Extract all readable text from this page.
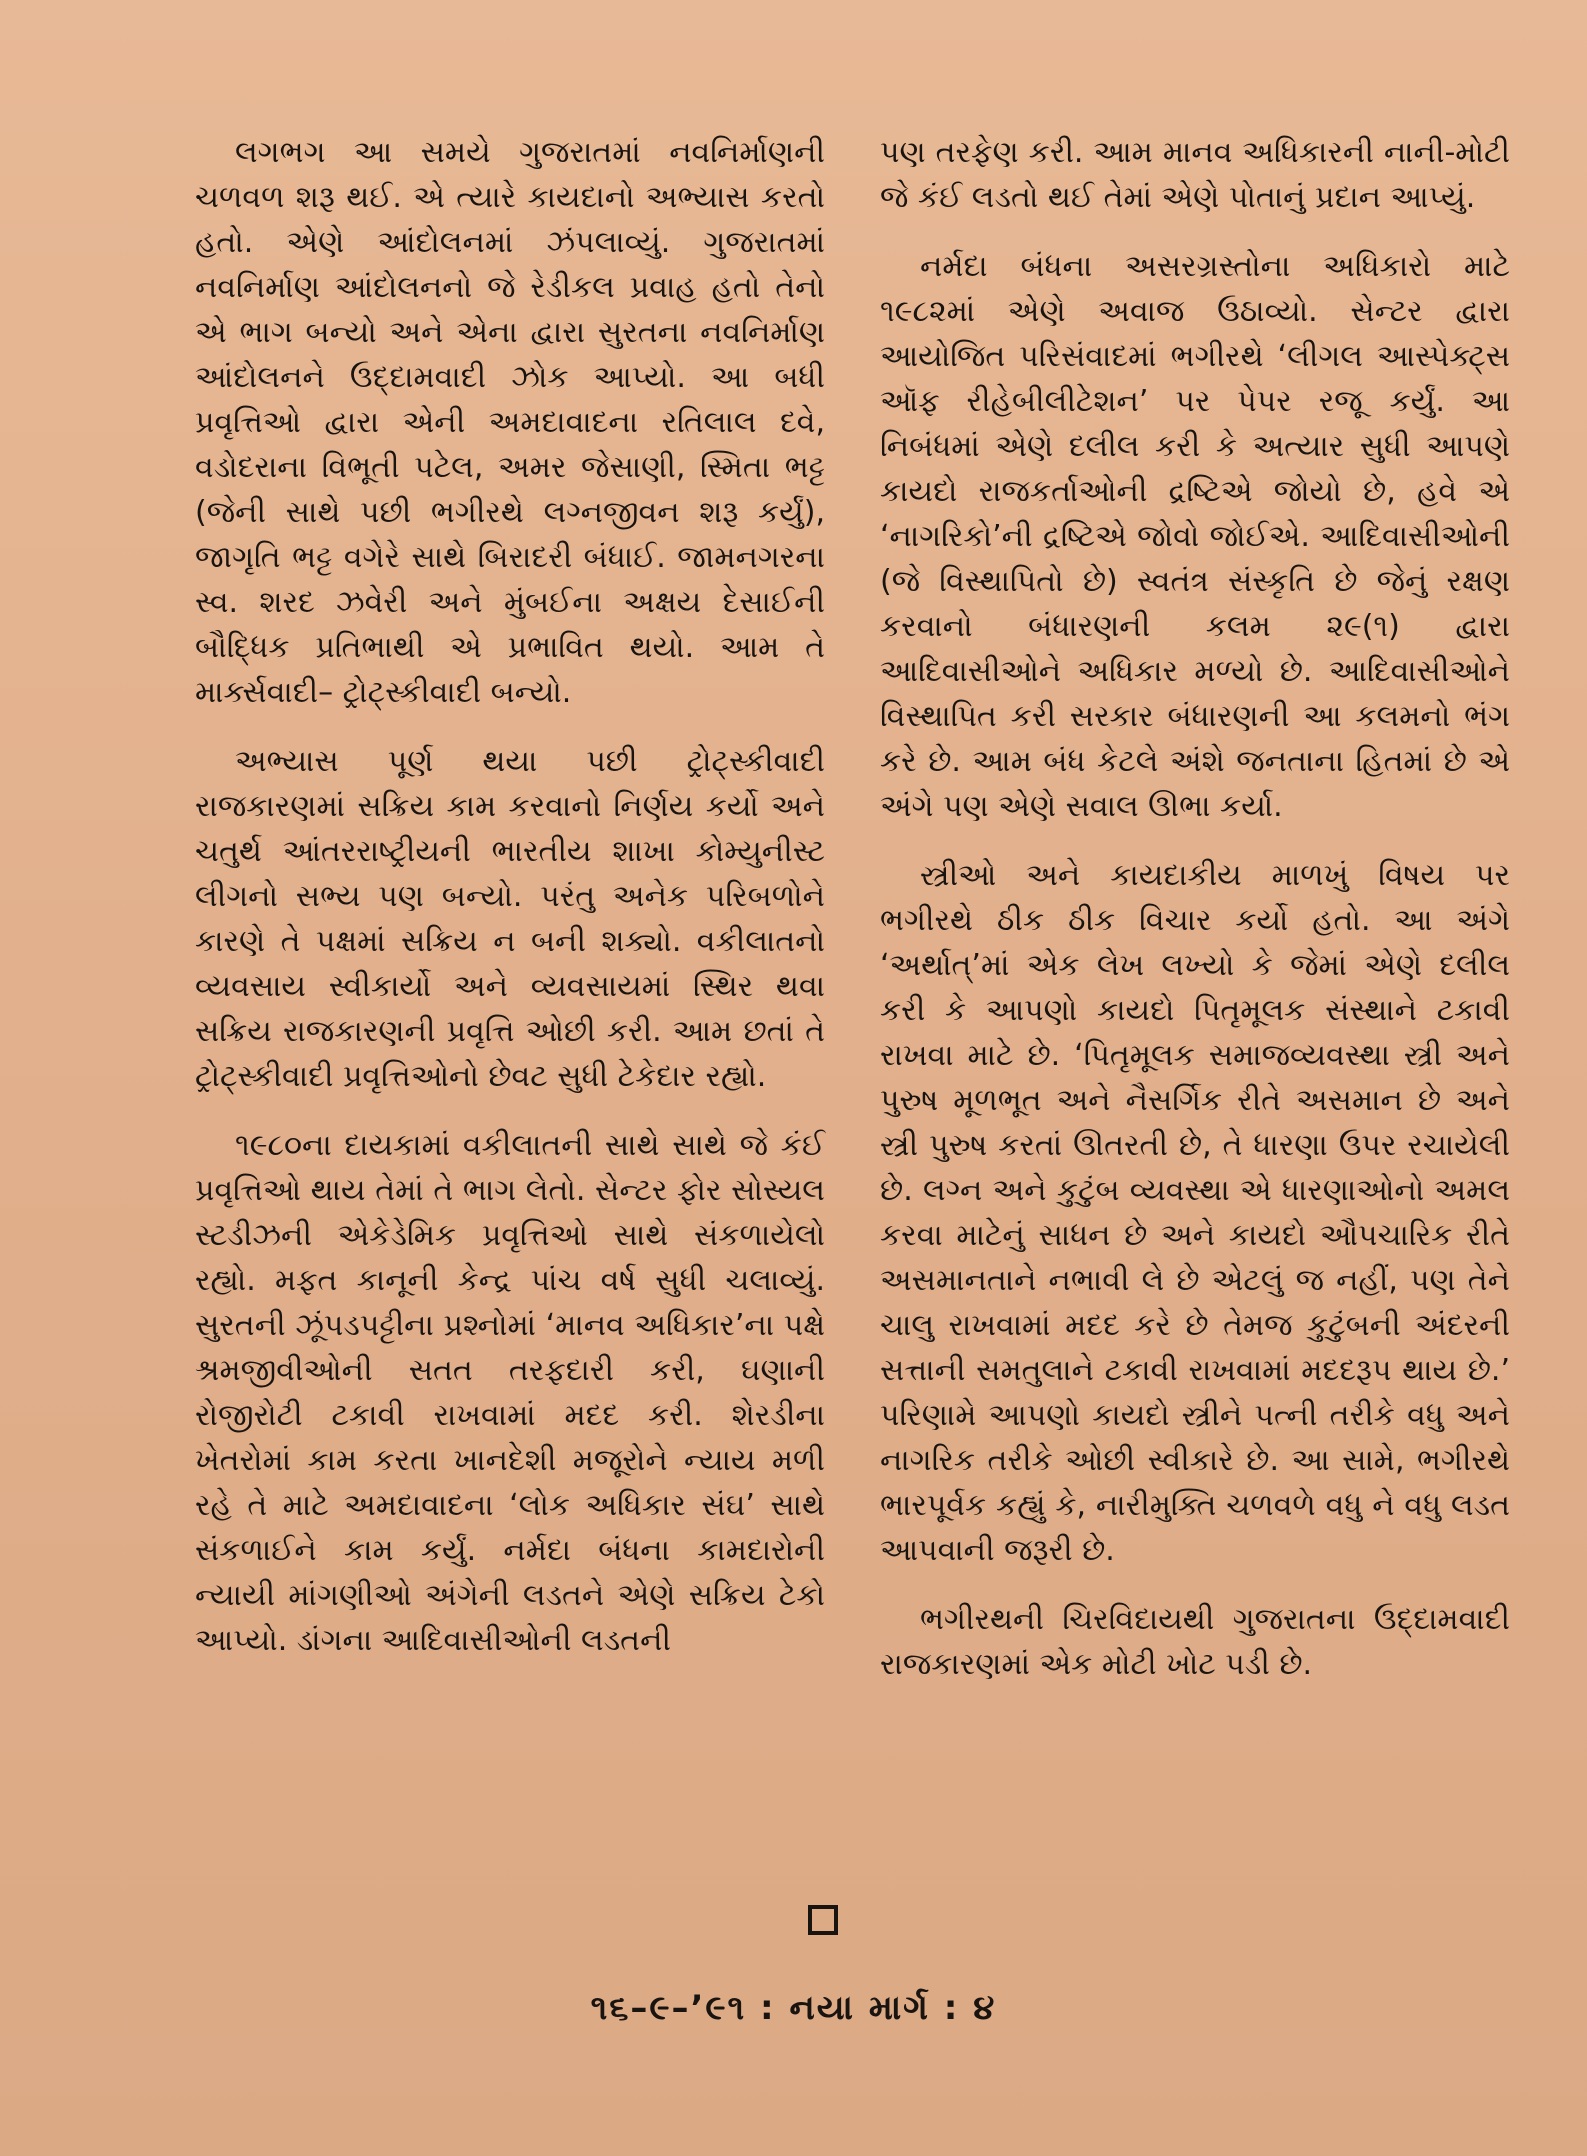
લગભગ આ સમયે ગુજરાતમાં નવનિર્માણની ચળવળ શરૂ થઈ. એ ત્યારે કાયદાનો અભ્યાસ કરતો હતો. એણે આંદોલનમાં ઝંપલાવ્યું. ગુજરાતમાં નવનિર્માણ આંદોલનનો જે રેડીકલ પ્રવાહ હતો તેનો એ ભાગ બન્યો અને એના દ્વારા સુરતના નવનિર્માણ આંદોલનને ઉદ્દામવાદી ઝોક આપ્યો. આ બધી પ્રવૃત્તિઓ દ્વારા એની અમદાવાદના રતિલાલ દવે, વડોદરાના વિભૂતી પટેલ, અમર જેસાણી, સ્મિતા ભટ્ટ (જેની સાથે પછી ભગીરથે લગ્નજીવન શરૂ કર્યું), જાગૃતિ ભટ્ટ વગેરે સાથે બિરાદરી બંધાઈ. જામનગરના સ્વ. શરદ ઝવેરી અને મુંબઈના અક્ષય દેસાઈની બૌદ્ધિક પ્રતિભાથી એ પ્રભાવિત થયો. આમ તે માર્ક્સવાદી– ટ્રોટ્સ્કીવાદી બન્યો.

અભ્યાસ પૂર્ણ થયા પછી ટ્રોટ્સ્કીવાદી રાજકારણમાં સક્રિય કામ કરવાનો નિર્ણય કર્યો અને ચતુર્થ આંતરરાષ્ટ્રીયની ભારતીય શાખા કોમ્યુનીસ્ટ લીગનો સભ્ય પણ બન્યો. પરંતુ અનેક પરિબળોને કારણે તે પક્ષમાં સક્રિય ન બની શક્યો. વકીલાતનો વ્યવસાય સ્વીકાર્યો અને વ્યવસાયમાં સ્થિર થવા સક્રિય રાજકારણની પ્રવૃત્તિ ઓછી કરી. આમ છતાં તે ટ્રોટ્સ્કીવાદી પ્રવૃત્તિઓનો છેવટ સુધી ટેકેદાર રહ્યો.

૧૯૮૦ના દાયકામાં વકીલાતની સાથે સાથે જે કંઈ પ્રવૃત્તિઓ થાય તેમાં તે ભાગ લેતો. સેન્ટર ફોર સોસ્યલ સ્ટડીઝની એકેડેમિક પ્રવૃત્તિઓ સાથે સંકળાયેલો રહ્યો. મફત કાનૂની કેન્દ્ર પાંચ વર્ષ સુધી ચલાવ્યું. સુરતની ઝૂંપડપટ્ટીના પ્રશ્નોમાં ‘માનવ અધિકાર’ના પક્ષે શ્રમજીવીઓની સતત તરફદારી કરી, ઘણાની રોજીરોટી ટકાવી રાખવામાં મદદ કરી. શેરડીના ખેતરોમાં કામ કરતા ખાનદેશી મજૂરોને ન્યાય મળી રહે તે માટે અમદાવાદના ‘લોક અધિકાર સંઘ’ સાથે સંકળાઈને કામ કર્યું. નર્મદા બંધના કામદારોની ન્યાયી માંગણીઓ અંગેની લડતને એણે સક્રિય ટેકો આપ્યો. ડાંગના આદિવાસીઓની લડતની

પણ તરફેણ કરી. આમ માનવ અધિકારની નાની-મોટી જે કંઈ લડતો થઈ તેમાં એણે પોતાનું પ્રદાન આપ્યું.

નર્મદા બંધના અસરગ્રસ્તોના અધિકારો માટે ૧૯૮૨માં એણે અવાજ ઉઠાવ્યો. સેન્ટર દ્વારા આયોજિત પરિસંવાદમાં ભગીરથે ‘લીગલ આસ્પેક્ટ્સ ઑફ રીહેબીલીટેશન’ પર પેપર રજૂ કર્યું. આ નિબંધમાં એણે દલીલ કરી કે અત્યાર સુધી આપણે કાયદો રાજકર્તાઓની દ્રષ્ટિએ જોયો છે, હવે એ ‘નાગરિકો’ની દ્રષ્ટિએ જોવો જોઈએ. આદિવાસીઓની (જે વિસ્થાપિતો છે) સ્વતંત્ર સંસ્કૃતિ છે જેનું રક્ષણ કરવાનો બંધારણની કલમ ૨૯(૧) દ્વારા આદિવાસીઓને અધિકાર મળ્યો છે. આદિવાસીઓને વિસ્થાપિત કરી સરકાર બંધારણની આ કલમનો ભંગ કરે છે. આમ બંધ કેટલે અંશે જનતાના હિતમાં છે એ અંગે પણ એણે સવાલ ઊભા કર્યા.

સ્ત્રીઓ અને કાયદાકીય માળખું વિષય પર ભગીરથે ઠીક ઠીક વિચાર કર્યો હતો. આ અંગે ‘અર્થાત્’માં એક લેખ લખ્યો કે જેમાં એણે દલીલ કરી કે આપણો કાયદો પિતૃમૂલક સંસ્થાને ટકાવી રાખવા માટે છે. ‘પિતૃમૂલક સમાજવ્યવસ્થા સ્ત્રી અને પુરુષ મૂળભૂત અને નૈસર્ગિક રીતે અસમાન છે અને સ્ત્રી પુરુષ કરતાં ઊતરતી છે, તે ધારણા ઉપર રચાયેલી છે. લગ્ન અને કુટુંબ વ્યવસ્થા એ ધારણાઓનો અમલ કરવા માટેનું સાધન છે અને કાયદો ઔપચારિક રીતે અસમાનતાને નભાવી લે છે એટલું જ નહીં, પણ તેને ચાલુ રાખવામાં મદદ કરે છે તેમજ કુટુંબની અંદરની સત્તાની સમતુલાને ટકાવી રાખવામાં મદદરૂપ થાય છે.’ પરિણામે આપણો કાયદો સ્ત્રીને પત્ની તરીકે વધુ અને નાગરિક તરીકે ઓછી સ્વીકારે છે. આ સામે, ભગીરથે ભારપૂર્વક કહ્યું કે, નારીમુક્તિ ચળવળે વધુ ને વધુ લડત આપવાની જરૂરી છે.

ભગીરથની ચિરવિદાયથી ગુજરાતના ઉદ્દામવાદી રાજકારણમાં એક મોટી ખોટ પડી છે.

૧૬–૯–’૯૧ : નયા માર્ગ : ૪
